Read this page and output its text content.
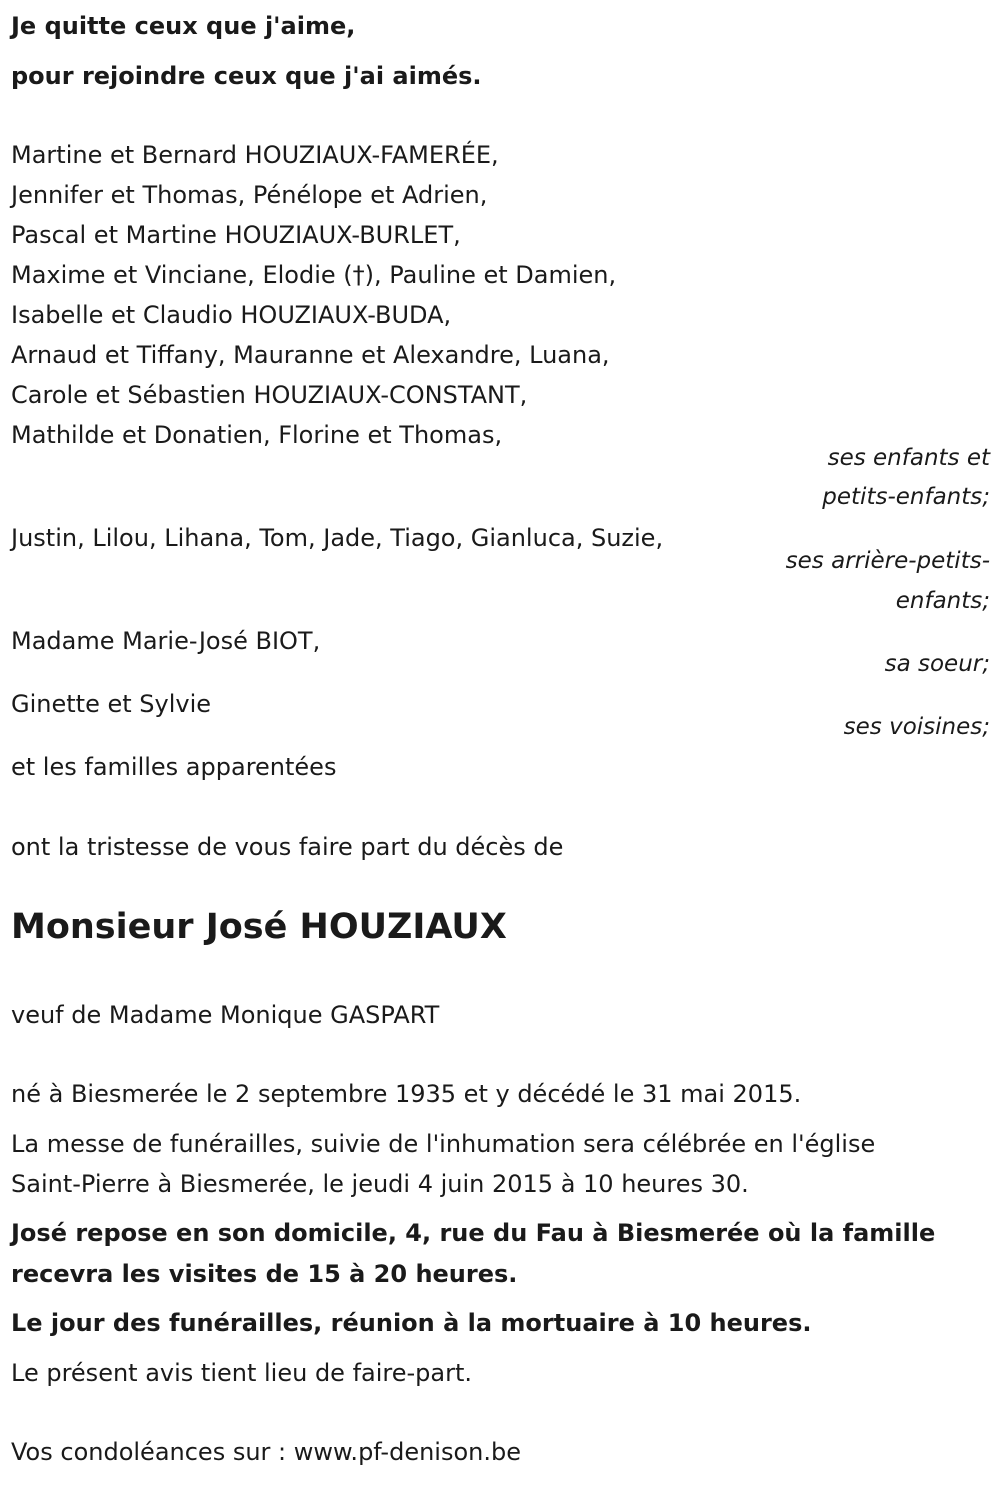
Je quitte ceux que j'aime,
pour rejoindre ceux que j'ai aimés.
Martine et Bernard HOUZIAUX-FAMERÉE,
Jennifer et Thomas, Pénélope et Adrien,
Pascal et Martine HOUZIAUX-BURLET,
Maxime et Vinciane, Elodie (†), Pauline et Damien,
Isabelle et Claudio HOUZIAUX-BUDA,
Arnaud et Tiffany, Mauranne et Alexandre, Luana,
Carole et Sébastien HOUZIAUX-CONSTANT,
Mathilde et Donatien, Florine et Thomas,
ses enfants et
petits-enfants;
Justin, Lilou, Lihana, Tom, Jade, Tiago, Gianluca, Suzie,
ses arrière-petits-
enfants;
Madame Marie-José BIOT,
sa soeur;
Ginette et Sylvie
ses voisines;
et les familles apparentées
ont la tristesse de vous faire part du décès de
Monsieur José HOUZIAUX
veuf de Madame Monique GASPART
né à Biesmerée le 2 septembre 1935 et y décédé le 31 mai 2015.
La messe de funérailles, suivie de l'inhumation sera célébrée en l'église
Saint-Pierre à Biesmerée, le jeudi 4 juin 2015 à 10 heures 30.
José repose en son domicile, 4, rue du Fau à Biesmerée où la famille
recevra les visites de 15 à 20 heures.
Le jour des funérailles, réunion à la mortuaire à 10 heures.
Le présent avis tient lieu de faire-part.
Vos condoléances sur : www.pf-denison.be
